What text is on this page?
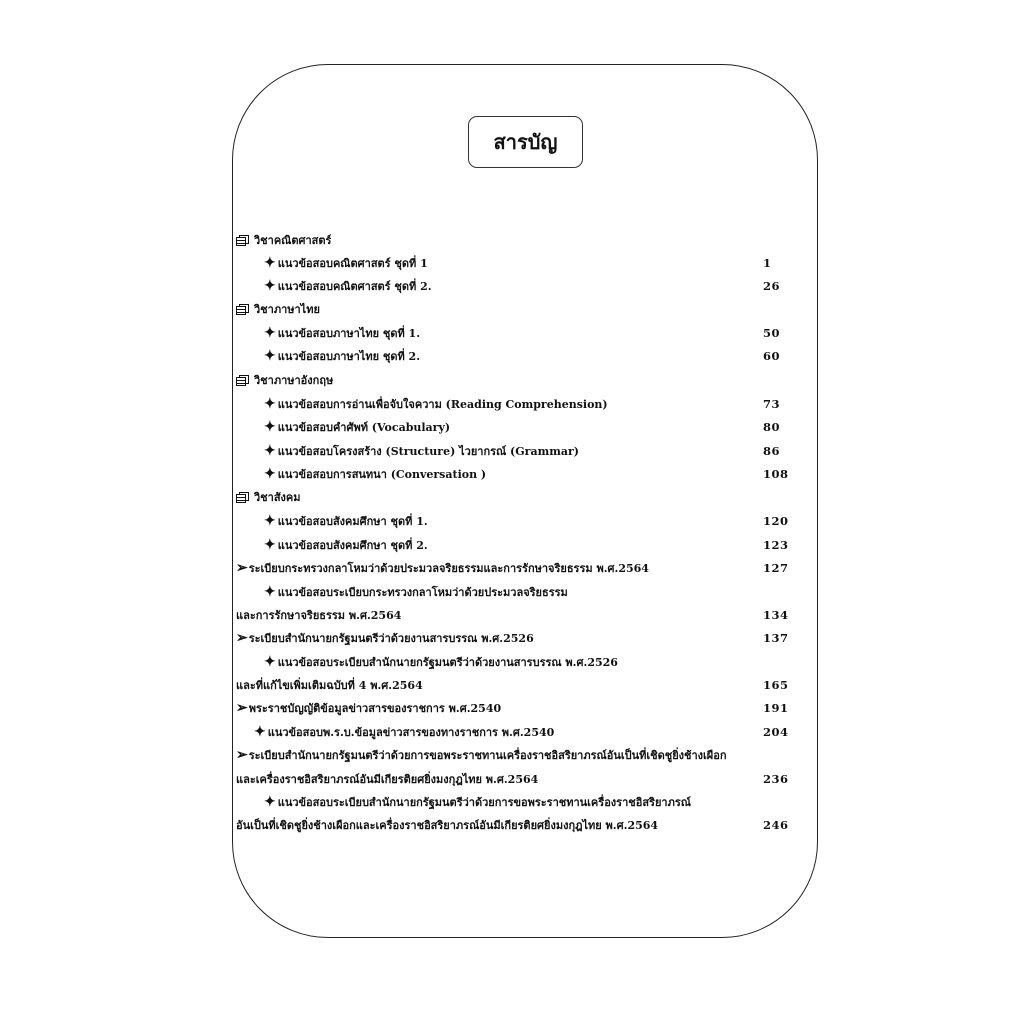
สารบัญ
วิชาคณิตศาสตร์
✦ แนวข้อสอบคณิตศาสตร์ ชุดที่ 1	1
✦ แนวข้อสอบคณิตศาสตร์ ชุดที่ 2.	26
วิชาภาษาไทย
✦ แนวข้อสอบภาษาไทย ชุดที่ 1.	50
✦ แนวข้อสอบภาษาไทย ชุดที่ 2.	60
วิชาภาษาอังกฤษ
✦ แนวข้อสอบการอ่านเพื่อจับใจความ (Reading Comprehension)	73
✦ แนวข้อสอบคำศัพท์ (Vocabulary)	80
✦ แนวข้อสอบโครงสร้าง (Structure) ไวยากรณ์ (Grammar)	86
✦ แนวข้อสอบการสนทนา (Conversation )	108
วิชาสังคม
✦ แนวข้อสอบสังคมศึกษา ชุดที่ 1.	120
✦ แนวข้อสอบสังคมศึกษา ชุดที่ 2.	123
➢ ระเบียบกระทรวงกลาโหมว่าด้วยประมวลจริยธรรมและการรักษาจริยธรรม พ.ศ.2564	127
✦ แนวข้อสอบระเบียบกระทรวงกลาโหมว่าด้วยประมวลจริยธรรม
และการรักษาจริยธรรม พ.ศ.2564	134
➢ ระเบียบสำนักนายกรัฐมนตรีว่าด้วยงานสารบรรณ พ.ศ.2526	137
✦ แนวข้อสอบระเบียบสำนักนายกรัฐมนตรีว่าด้วยงานสารบรรณ พ.ศ.2526
และที่แก้ไขเพิ่มเติมฉบับที่ 4 พ.ศ.2564	165
➢ พระราชบัญญัติข้อมูลข่าวสารของราชการ พ.ศ.2540	191
✦ แนวข้อสอบพ.ร.บ.ข้อมูลข่าวสารของทางราชการ พ.ศ.2540	204
➢ ระเบียบสำนักนายกรัฐมนตรีว่าด้วยการขอพระราชทานเครื่องราชอิสริยาภรณ์อันเป็นที่เชิดชูยิ่งช้างเผือก
และเครื่องราชอิสริยาภรณ์อันมีเกียรติยศยิ่งมงกุฎไทย พ.ศ.2564	236
✦ แนวข้อสอบระเบียบสำนักนายกรัฐมนตรีว่าด้วยการขอพระราชทานเครื่องราชอิสริยาภรณ์
อันเป็นที่เชิดชูยิ่งช้างเผือกและเครื่องราชอิสริยาภรณ์อันมีเกียรติยศยิ่งมงกุฎไทย พ.ศ.2564	246
